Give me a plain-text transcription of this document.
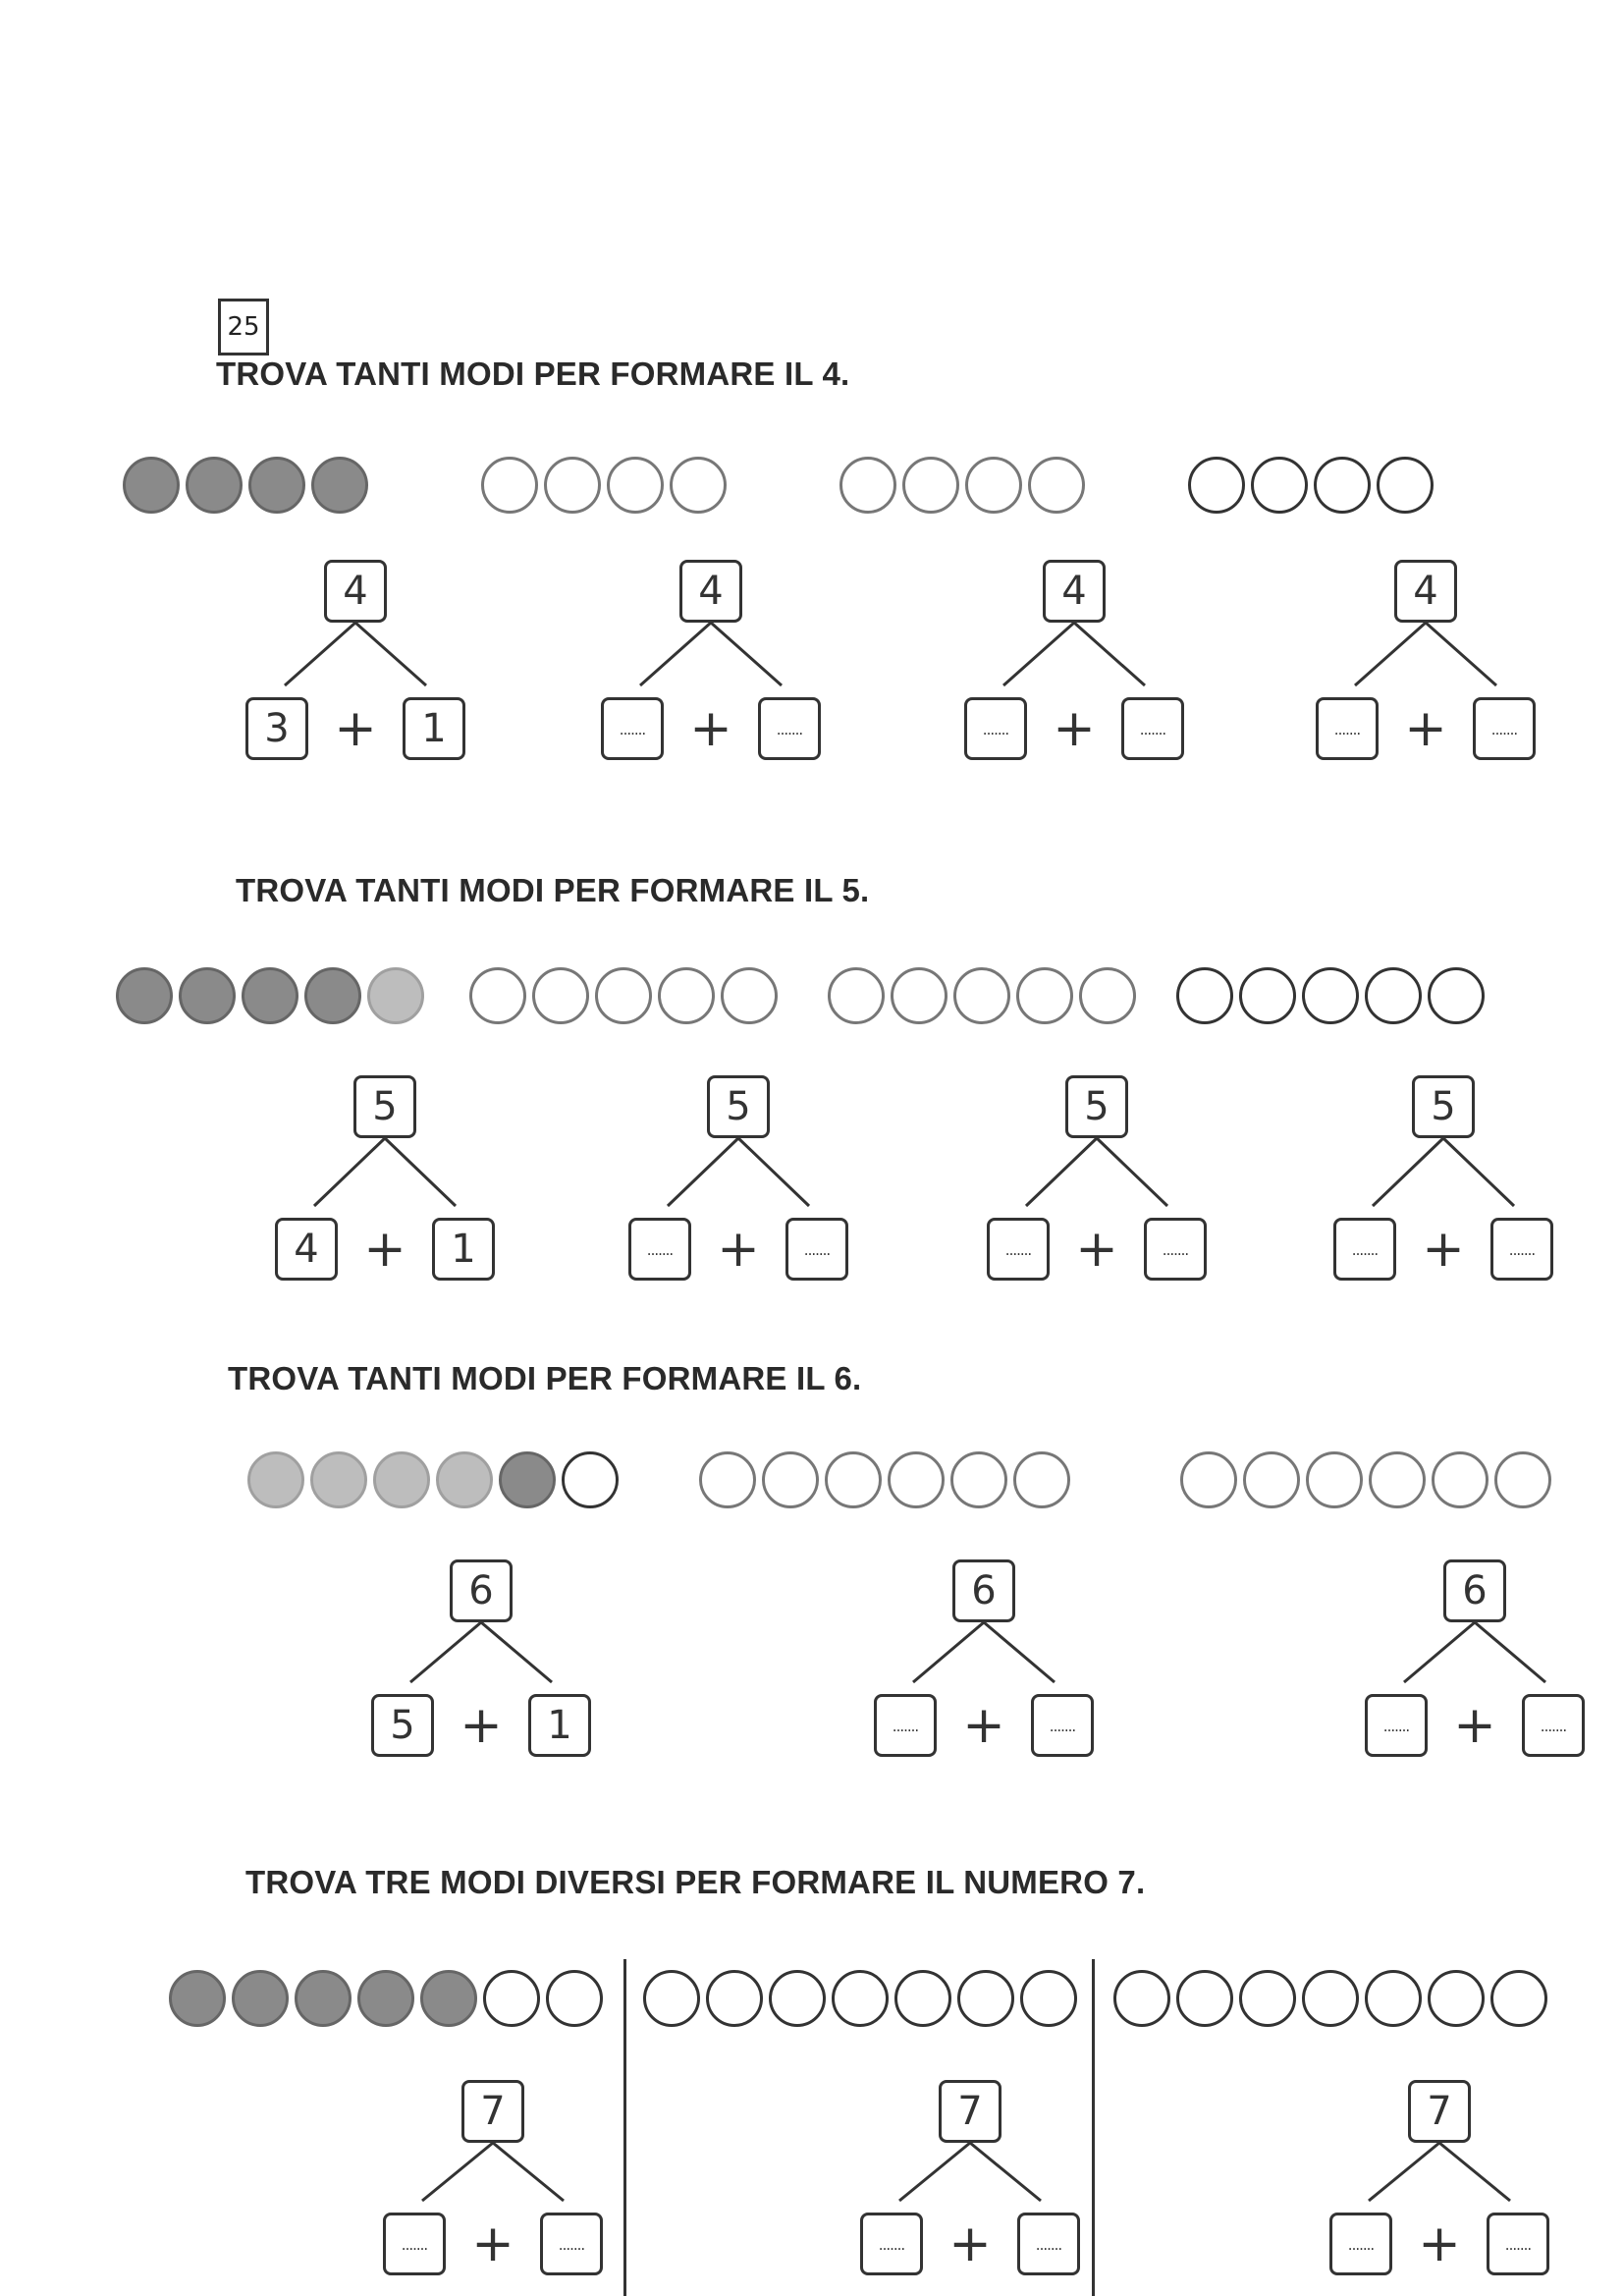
25
TROVA TANTI MODI PER FORMARE IL 4.
4
3	1
+
4
.......	.......
+
4
.......	.......
+
4
.......	.......
+
TROVA TANTI MODI PER FORMARE IL 5.
5
4	1
+
5
.......	.......
+
5
.......	.......
+
5
.......	.......
+
TROVA TANTI MODI PER FORMARE IL 6.
6
5	1
+
6
.......	.......
+
6
.......	.......
+
TROVA TRE MODI DIVERSI PER FORMARE IL NUMERO 7.
7
.......	.......
+
7
.......	.......
+
7
.......	.......
+
